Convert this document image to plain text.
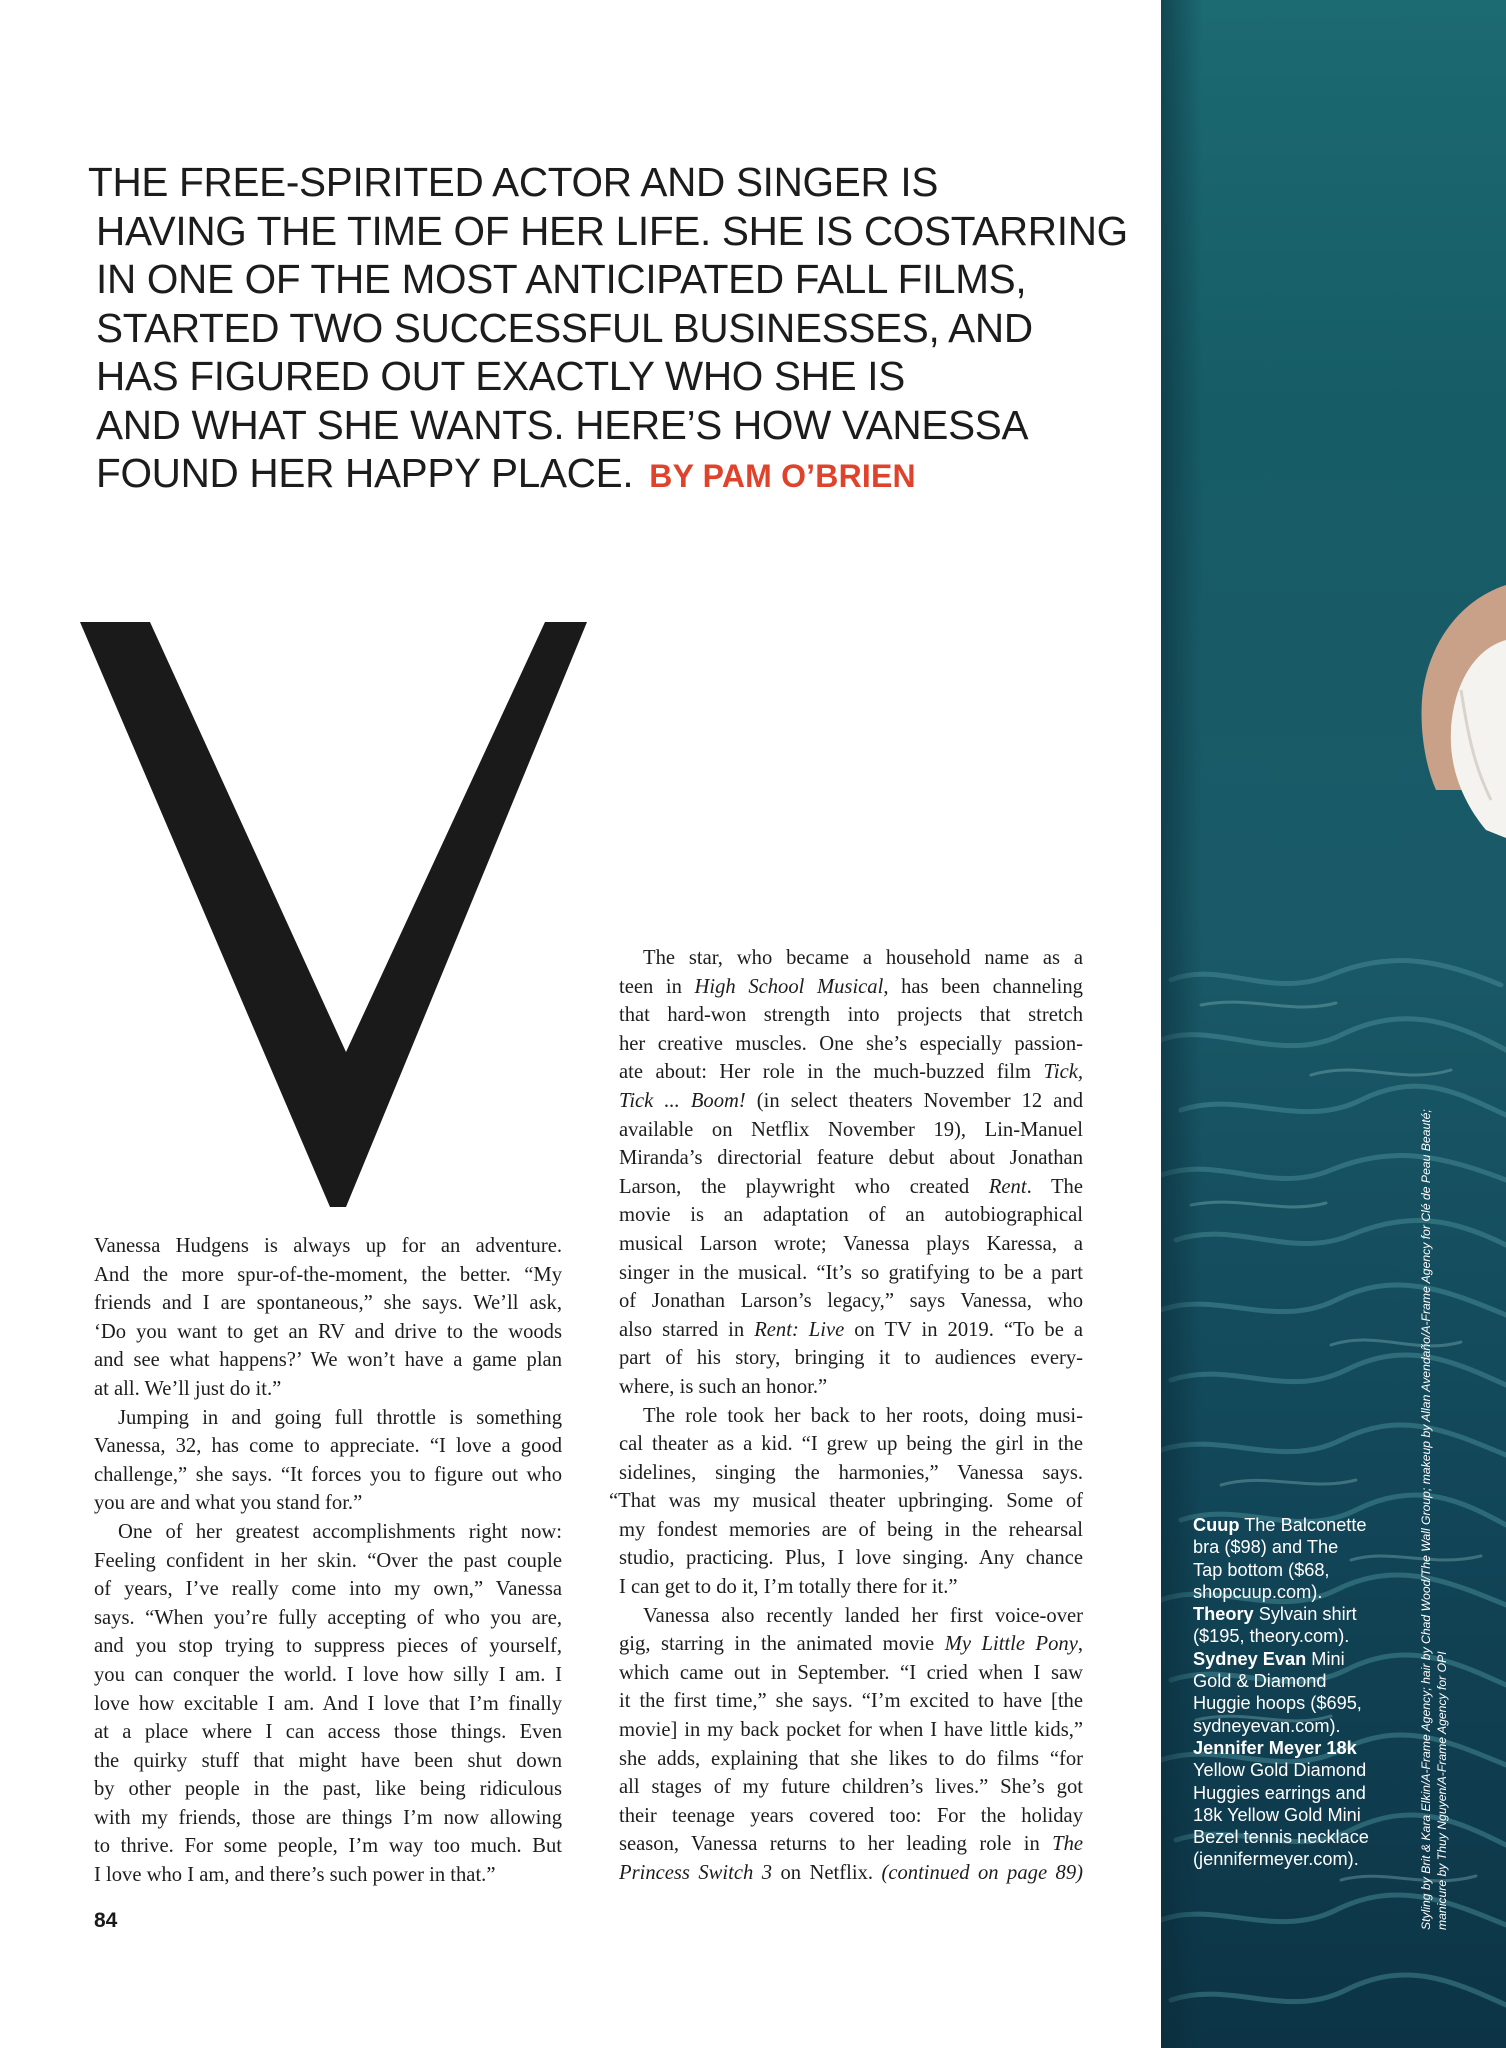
THE FREE-SPIRITED ACTOR AND SINGER IS
HAVING THE TIME OF HER LIFE. SHE IS COSTARRING
IN ONE OF THE MOST ANTICIPATED FALL FILMS,
STARTED TWO SUCCESSFUL BUSINESSES, AND
HAS FIGURED OUT EXACTLY WHO SHE IS
AND WHAT SHE WANTS. HERE’S HOW VANESSA
FOUND HER HAPPY PLACE. BY PAM O’BRIEN
Vanessa Hudgens is always up for an adventure.
And the more spur-of-the-moment, the better. “My
friends and I are spontaneous,” she says. We’ll ask,
‘Do you want to get an RV and drive to the woods
and see what happens?’ We won’t have a game plan
at all. We’ll just do it.”
Jumping in and going full throttle is something
Vanessa, 32, has come to appreciate. “I love a good
challenge,” she says. “It forces you to figure out who
you are and what you stand for.”
One of her greatest accomplishments right now:
Feeling confident in her skin. “Over the past couple
of years, I’ve really come into my own,” Vanessa
says. “When you’re fully accepting of who you are,
and you stop trying to suppress pieces of yourself,
you can conquer the world. I love how silly I am. I
love how excitable I am. And I love that I’m finally
at a place where I can access those things. Even
the quirky stuff that might have been shut down
by other people in the past, like being ridiculous
with my friends, those are things I’m now allowing
to thrive. For some people, I’m way too much. But
I love who I am, and there’s such power in that.”
The star, who became a household name as a
teen in High School Musical, has been channeling
that hard-won strength into projects that stretch
her creative muscles. One she’s especially passion-
ate about: Her role in the much-buzzed film Tick,
Tick ... Boom! (in select theaters November 12 and
available on Netflix November 19), Lin-Manuel
Miranda’s directorial feature debut about Jonathan
Larson, the playwright who created Rent. The
movie is an adaptation of an autobiographical
musical Larson wrote; Vanessa plays Karessa, a
singer in the musical. “It’s so gratifying to be a part
of Jonathan Larson’s legacy,” says Vanessa, who
also starred in Rent: Live on TV in 2019. “To be a
part of his story, bringing it to audiences every-
where, is such an honor.”
The role took her back to her roots, doing musi-
cal theater as a kid. “I grew up being the girl in the
sidelines, singing the harmonies,” Vanessa says.
“That was my musical theater upbringing. Some of
my fondest memories are of being in the rehearsal
studio, practicing. Plus, I love singing. Any chance
I can get to do it, I’m totally there for it.”
Vanessa also recently landed her first voice-over
gig, starring in the animated movie My Little Pony,
which came out in September. “I cried when I saw
it the first time,” she says. “I’m excited to have [the
movie] in my back pocket for when I have little kids,”
she adds, explaining that she likes to do films “for
all stages of my future children’s lives.” She’s got
their teenage years covered too: For the holiday
season, Vanessa returns to her leading role in The
Princess Switch 3 on Netflix. (continued on page 89)
84
Cuup The Balconette
bra ($98) and The
Tap bottom ($68,
shopcuup.com).
Theory Sylvain shirt
($195, theory.com).
Sydney Evan Mini
Gold & Diamond
Huggie hoops ($695,
sydneyevan.com).
Jennifer Meyer 18k
Yellow Gold Diamond
Huggies earrings and
18k Yellow Gold Mini
Bezel tennis necklace
(jennifermeyer.com).	Styling by Brit & Kara Elkin/A-Frame Agency; hair by Chad Wood/The Wall Group; makeup by Allan Avendaño/A-Frame Agency for Clé de Peau Beauté; manicure by Thuy Nguyen/A-Frame Agency for OPI
